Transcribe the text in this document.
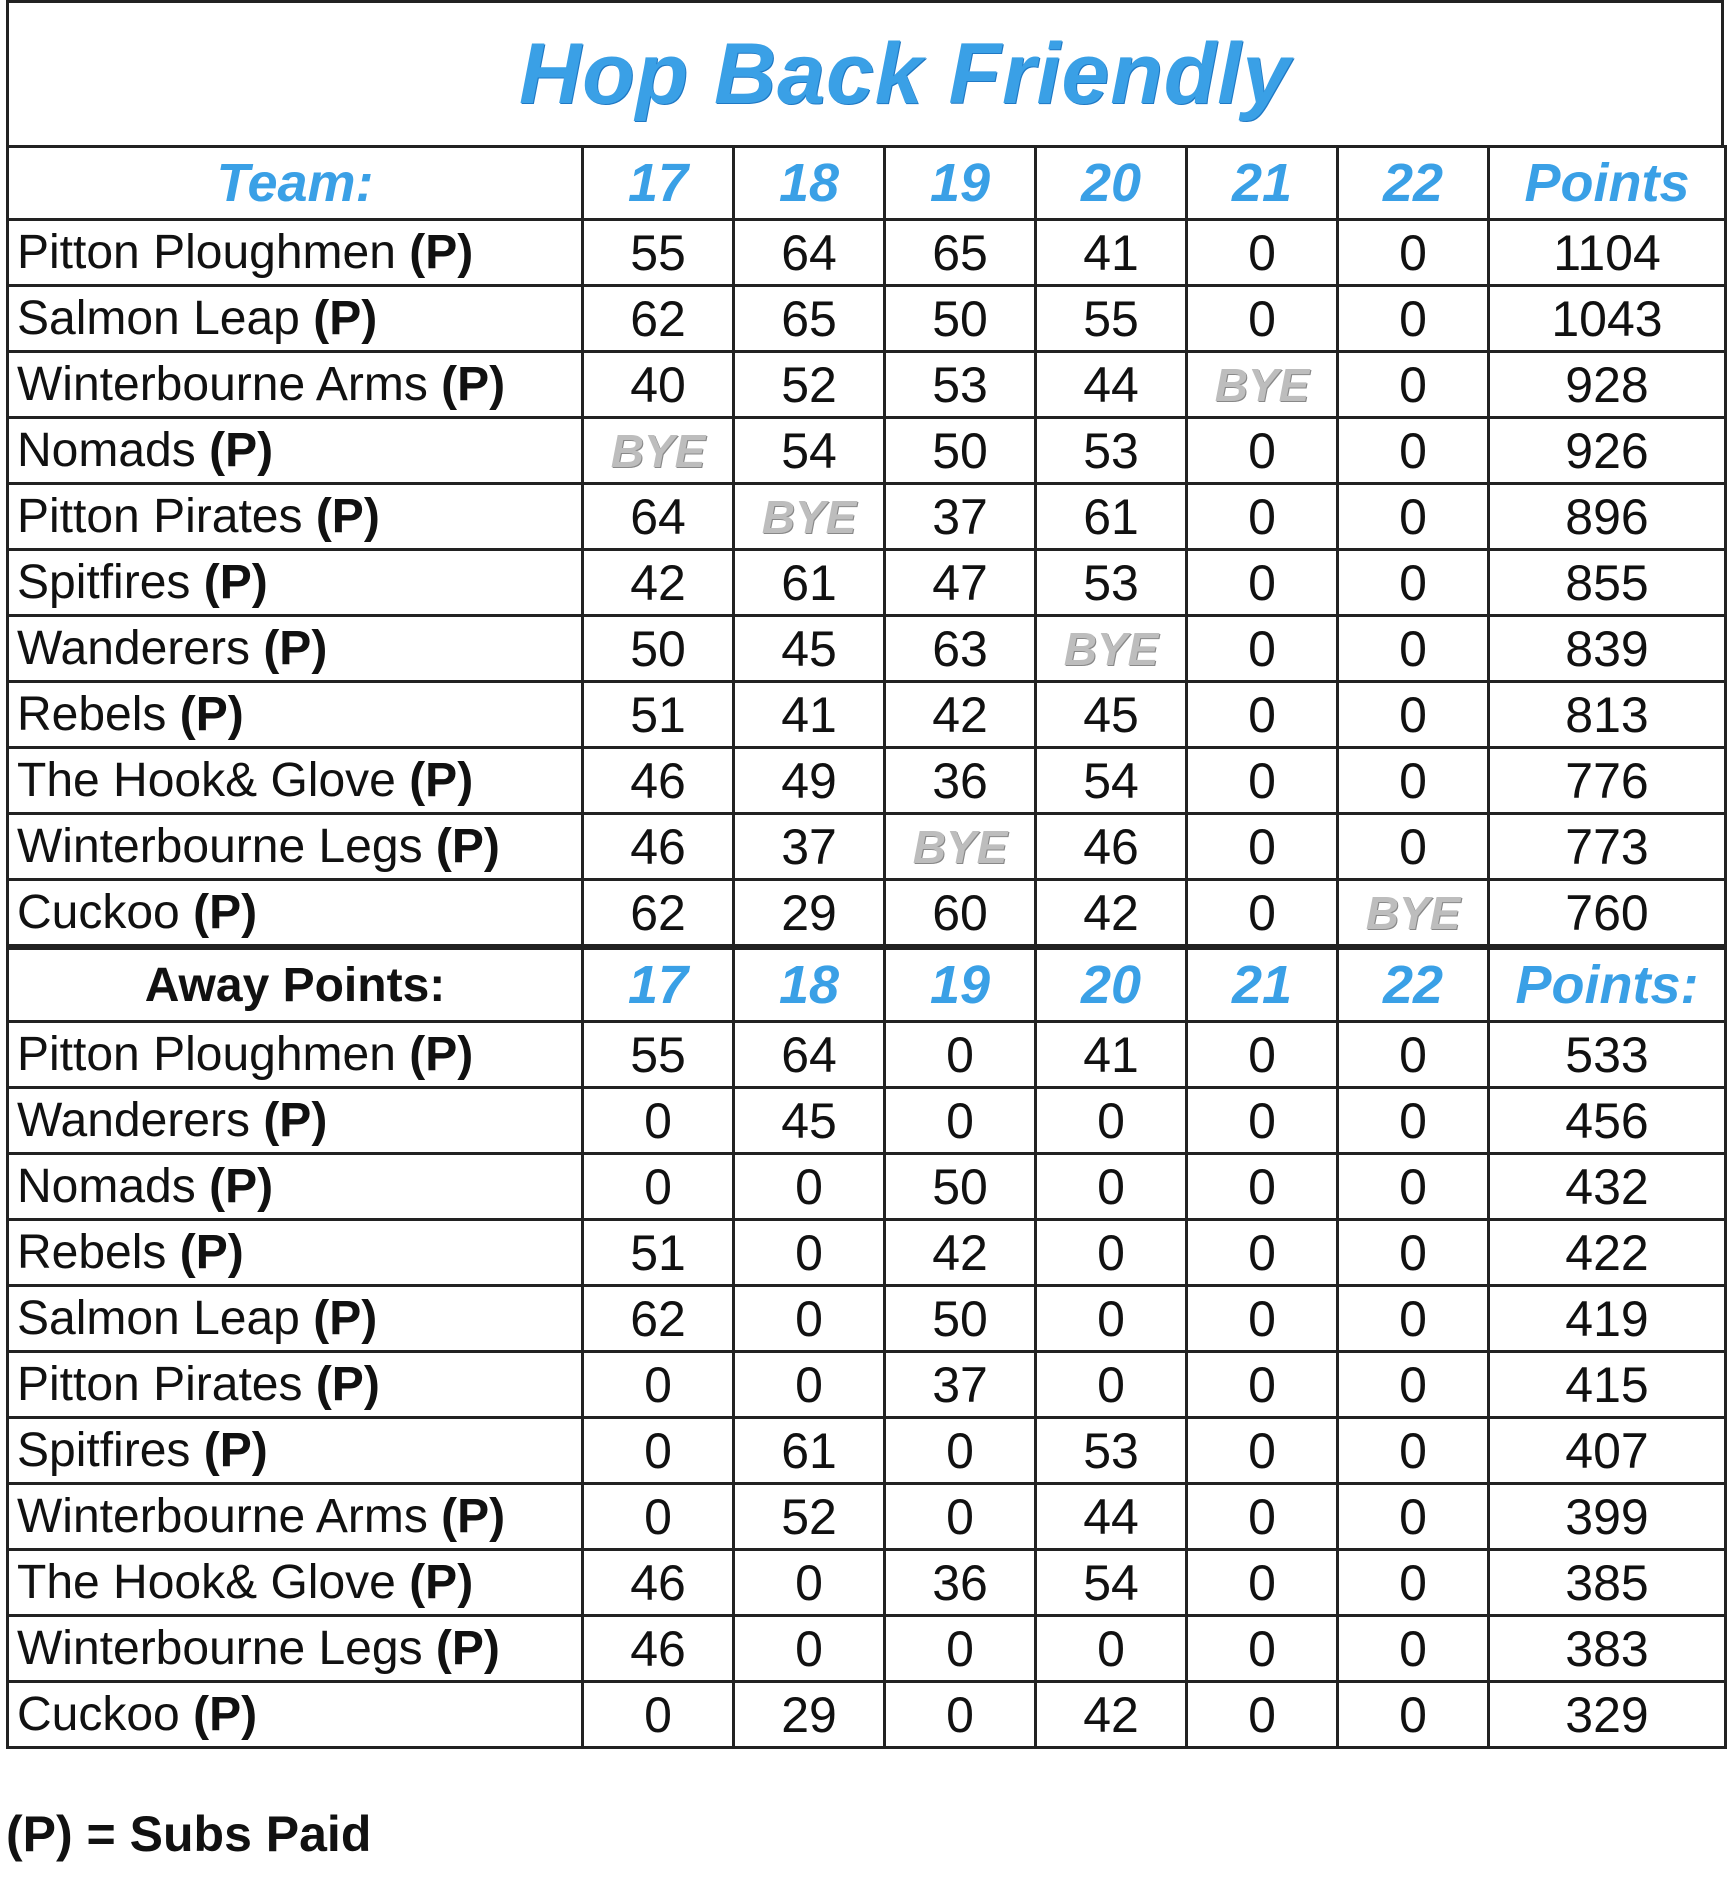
Hop Back Friendly
Team:	17	18	19	20	21	22	Points
Pitton Ploughmen (P)	55	64	65	41	0	0	1104
Salmon Leap (P)	62	65	50	55	0	0	1043
Winterbourne Arms (P)	40	52	53	44	BYE	0	928
Nomads (P)	BYE	54	50	53	0	0	926
Pitton Pirates (P)	64	BYE	37	61	0	0	896
Spitfires (P)	42	61	47	53	0	0	855
Wanderers (P)	50	45	63	BYE	0	0	839
Rebels (P)	51	41	42	45	0	0	813
The Hook& Glove (P)	46	49	36	54	0	0	776
Winterbourne Legs (P)	46	37	BYE	46	0	0	773
Cuckoo (P)	62	29	60	42	0	BYE	760
Away Points:	17	18	19	20	21	22	Points:
Pitton Ploughmen (P)	55	64	0	41	0	0	533
Wanderers (P)	0	45	0	0	0	0	456
Nomads (P)	0	0	50	0	0	0	432
Rebels (P)	51	0	42	0	0	0	422
Salmon Leap (P)	62	0	50	0	0	0	419
Pitton Pirates (P)	0	0	37	0	0	0	415
Spitfires (P)	0	61	0	53	0	0	407
Winterbourne Arms (P)	0	52	0	44	0	0	399
The Hook& Glove (P)	46	0	36	54	0	0	385
Winterbourne Legs (P)	46	0	0	0	0	0	383
Cuckoo (P)	0	29	0	42	0	0	329
(P) = Subs Paid
